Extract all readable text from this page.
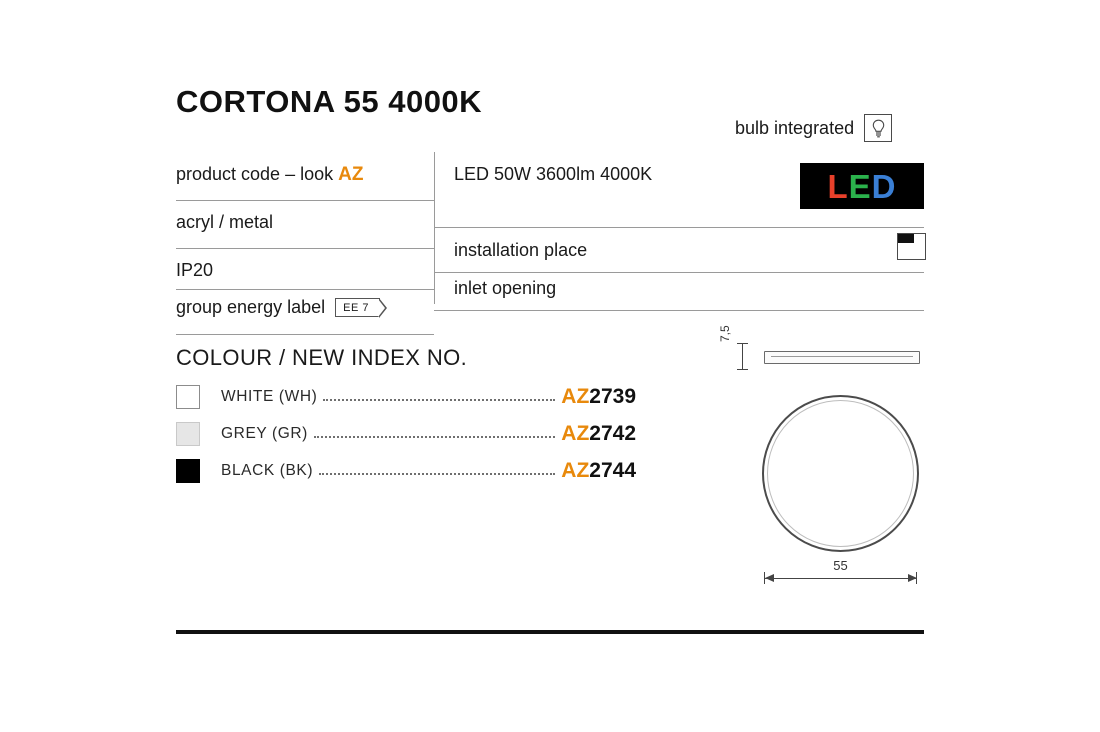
CORTONA 55 4000K
bulb integrated
product code – look AZ
acryl / metal
IP20
group energy label EE 7
LED 50W 3600lm 4000K
installation place
inlet opening
L E D
COLOUR / NEW INDEX NO.
WHITE (WH)	AZ2739
GREY (GR)	AZ2742
BLACK (BK)	AZ2744
7,5
55
